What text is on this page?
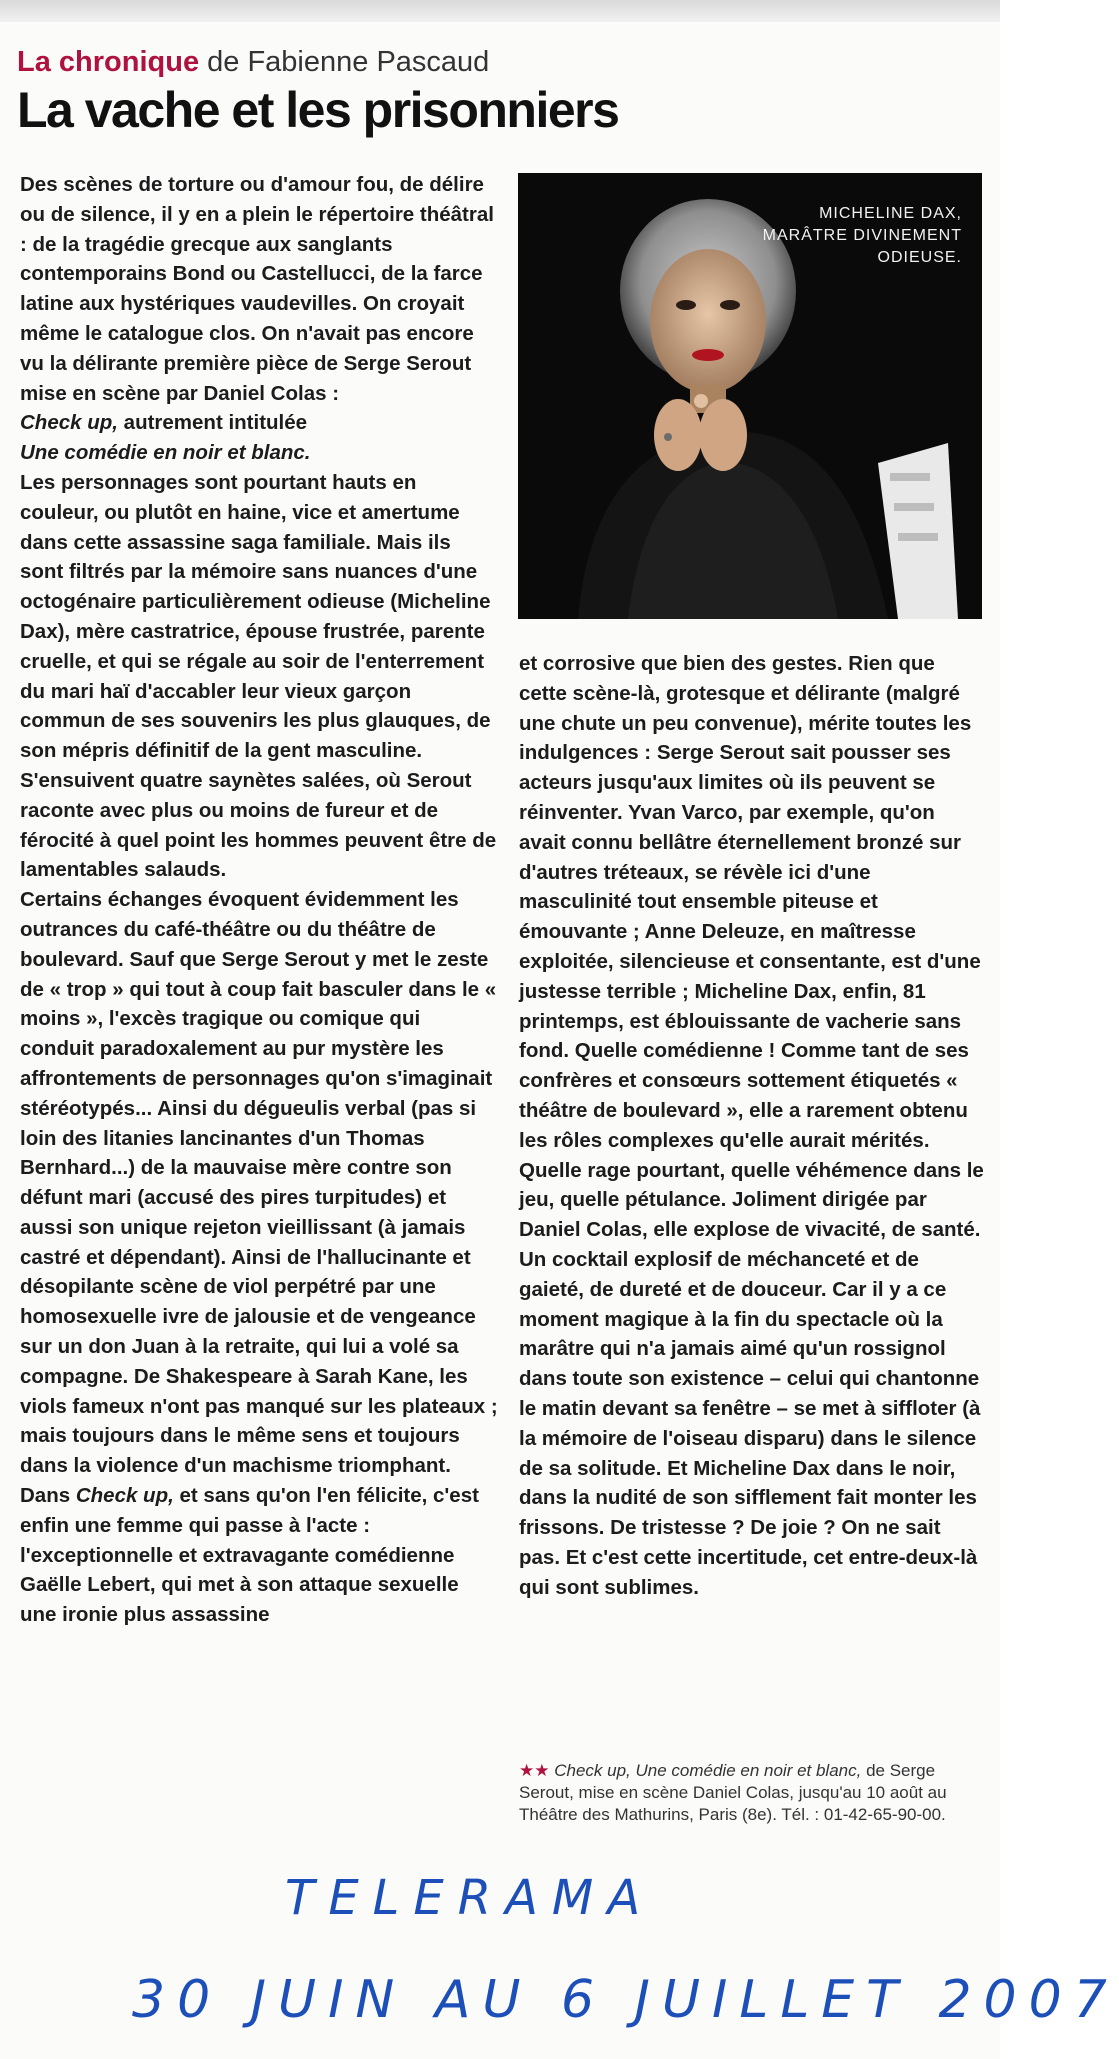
La chronique de Fabienne Pascaud
La vache et les prisonniers
Des scènes de torture ou d'amour fou, de délire ou de silence, il y en a plein le répertoire théâtral : de la tragédie grecque aux sanglants contemporains Bond ou Castellucci, de la farce latine aux hystériques vaudevilles. On croyait même le catalogue clos. On n'avait pas encore vu la délirante première pièce de Serge Serout mise en scène par Daniel Colas :
Check up, autrement intitulée
Une comédie en noir et blanc.
Les personnages sont pourtant hauts en couleur, ou plutôt en haine, vice et amertume dans cette assassine saga familiale. Mais ils sont filtrés par la mémoire sans nuances d'une octogénaire particulièrement odieuse (Micheline Dax), mère castratrice, épouse frustrée, parente cruelle, et qui se régale au soir de l'enterrement du mari haï d'accabler leur vieux garçon commun de ses souvenirs les plus glauques, de son mépris définitif de la gent masculine. S'ensuivent quatre saynètes salées, où Serout raconte avec plus ou moins de fureur et de férocité à quel point les hommes peuvent être de lamentables salauds.
Certains échanges évoquent évidemment les outrances du café-théâtre ou du théâtre de boulevard. Sauf que Serge Serout y met le zeste de « trop » qui tout à coup fait basculer dans le « moins », l'excès tragique ou comique qui conduit paradoxalement au pur mystère les affrontements de personnages qu'on s'imaginait stéréotypés... Ainsi du dégueulis verbal (pas si loin des litanies lancinantes d'un Thomas Bernhard...) de la mauvaise mère contre son défunt mari (accusé des pires turpitudes) et aussi son unique rejeton vieillissant (à jamais castré et dépendant). Ainsi de l'hallucinante et désopilante scène de viol perpétré par une homosexuelle ivre de jalousie et de vengeance sur un don Juan à la retraite, qui lui a volé sa compagne. De Shakespeare à Sarah Kane, les viols fameux n'ont pas manqué sur les plateaux ; mais toujours dans le même sens et toujours dans la violence d'un machisme triomphant. Dans Check up, et sans qu'on l'en félicite, c'est enfin une femme qui passe à l'acte : l'exceptionnelle et extravagante comédienne Gaëlle Lebert, qui met à son attaque sexuelle une ironie plus assassine
MICHELINE DAX, MARÂTRE DIVINEMENT ODIEUSE.
et corrosive que bien des gestes. Rien que cette scène-là, grotesque et délirante (malgré une chute un peu convenue), mérite toutes les indulgences : Serge Serout sait pousser ses acteurs jusqu'aux limites où ils peuvent se réinventer. Yvan Varco, par exemple, qu'on avait connu bellâtre éternellement bronzé sur d'autres tréteaux, se révèle ici d'une masculinité tout ensemble piteuse et émouvante ; Anne Deleuze, en maîtresse exploitée, silencieuse et consentante, est d'une justesse terrible ; Micheline Dax, enfin, 81 printemps, est éblouissante de vacherie sans fond. Quelle comédienne ! Comme tant de ses confrères et consœurs sottement étiquetés « théâtre de boulevard », elle a rarement obtenu les rôles complexes qu'elle aurait mérités. Quelle rage pourtant, quelle véhémence dans le jeu, quelle pétulance. Joliment dirigée par Daniel Colas, elle explose de vivacité, de santé. Un cocktail explosif de méchanceté et de gaieté, de dureté et de douceur. Car il y a ce moment magique à la fin du spectacle où la marâtre qui n'a jamais aimé qu'un rossignol dans toute son existence – celui qui chantonne le matin devant sa fenêtre – se met à siffloter (à la mémoire de l'oiseau disparu) dans le silence de sa solitude. Et Micheline Dax dans le noir, dans la nudité de son sifflement fait monter les frissons. De tristesse ? De joie ? On ne sait pas. Et c'est cette incertitude, cet entre-deux-là qui sont sublimes.
★★ Check up, Une comédie en noir et blanc, de Serge Serout, mise en scène Daniel Colas, jusqu'au 10 août au Théâtre des Mathurins, Paris (8e). Tél. : 01-42-65-90-00.
TELERAMA
30 JUIN AU 6 JUILLET 2007
